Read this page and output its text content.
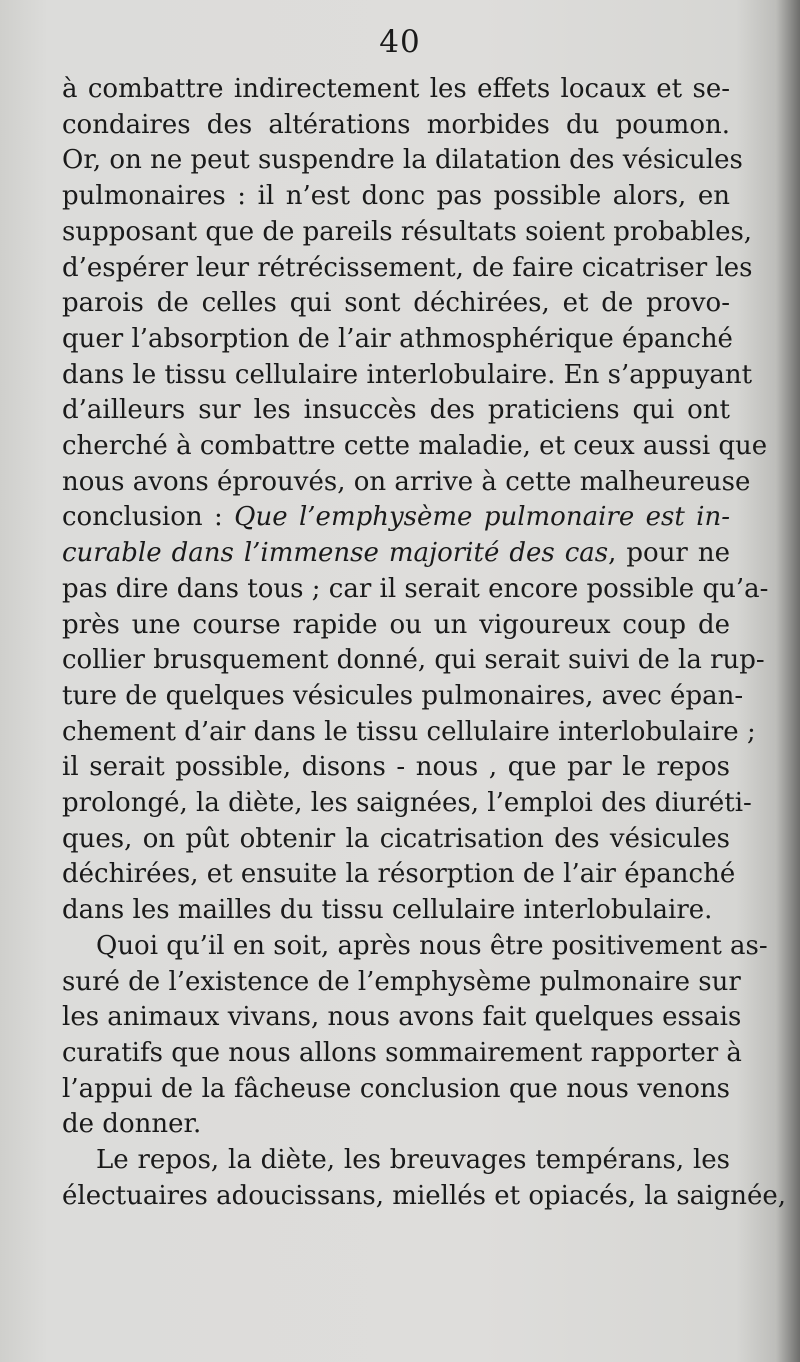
40
à combattre indirectement les effets locaux et se-
condaires des altérations morbides du poumon.
Or, on ne peut suspendre la dilatation des vésicules
pulmonaires : il n’est donc pas possible alors, en
supposant que de pareils résultats soient probables,
d’espérer leur rétrécissement, de faire cicatriser les
parois de celles qui sont déchirées, et de provo-
quer l’absorption de l’air athmosphérique épanché
dans le tissu cellulaire interlobulaire. En s’appuyant
d’ailleurs sur les insuccès des praticiens qui ont
cherché à combattre cette maladie, et ceux aussi que
nous avons éprouvés, on arrive à cette malheureuse
conclusion : Que l’emphysème pulmonaire est in-
curable dans l’immense majorité des cas, pour ne
pas dire dans tous ; car il serait encore possible qu’a-
près une course rapide ou un vigoureux coup de
collier brusquement donné, qui serait suivi de la rup-
ture de quelques vésicules pulmonaires, avec épan-
chement d’air dans le tissu cellulaire interlobulaire ;
il serait possible, disons - nous , que par le repos
prolongé, la diète, les saignées, l’emploi des diuréti-
ques, on pût obtenir la cicatrisation des vésicules
déchirées, et ensuite la résorption de l’air épanché
dans les mailles du tissu cellulaire interlobulaire.
Quoi qu’il en soit, après nous être positivement as-
suré de l’existence de l’emphysème pulmonaire sur
les animaux vivans, nous avons fait quelques essais
curatifs que nous allons sommairement rapporter à
l’appui de la fâcheuse conclusion que nous venons
de donner.
Le repos, la diète, les breuvages tempérans, les
électuaires adoucissans, miellés et opiacés, la saignée,
